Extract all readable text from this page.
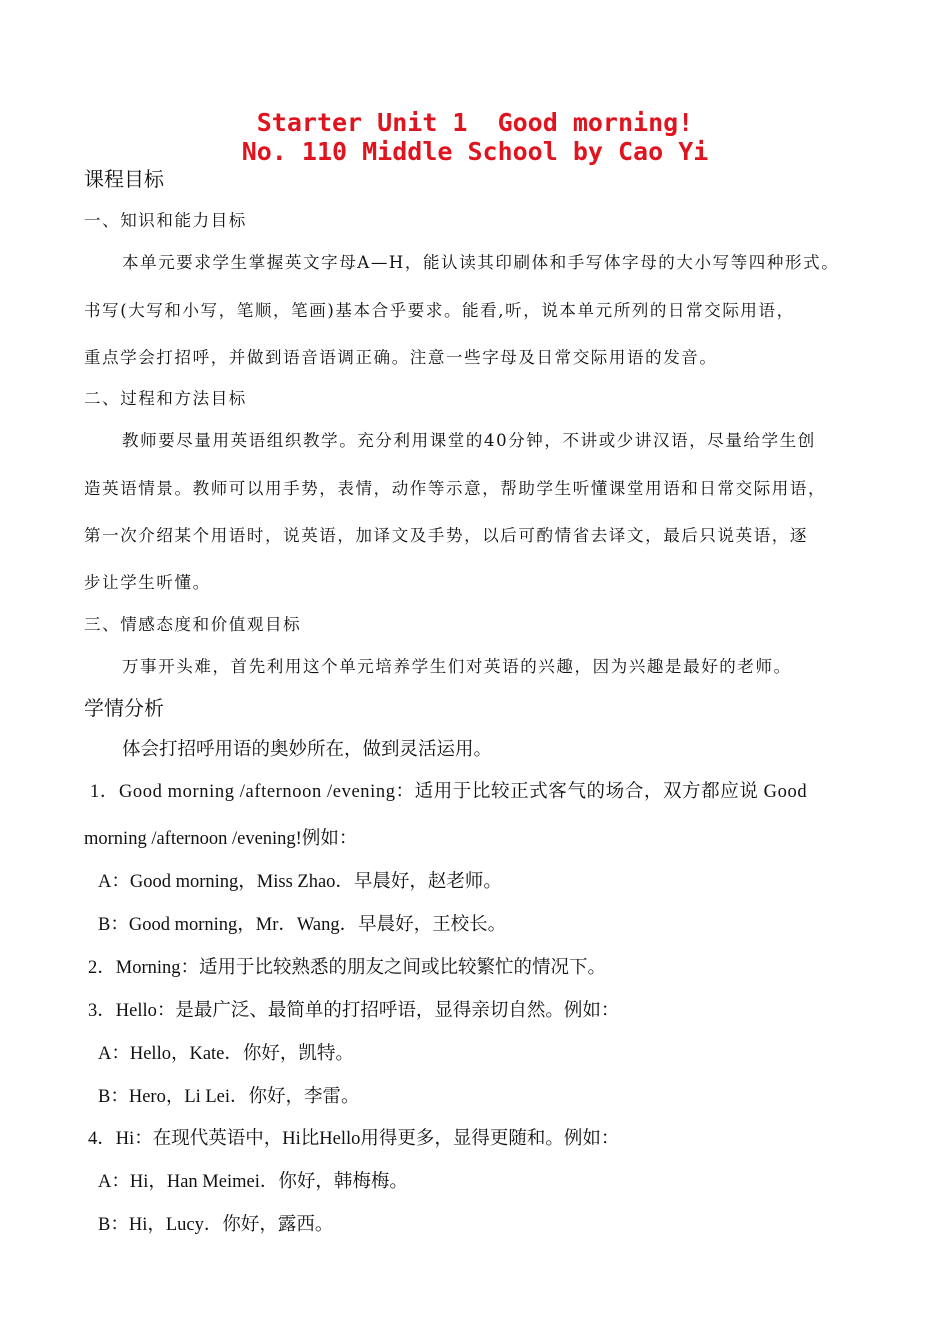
Starter Unit 1  Good morning!
No. 110 Middle School by Cao Yi
课程目标
一、知识和能力目标
本单元要求学生掌握英文字母A—H，能认读其印刷体和手写体字母的大小写等四种形式。
书写(大写和小写，笔顺，笔画)基本合乎要求。能看,听，说本单元所列的日常交际用语，
重点学会打招呼，并做到语音语调正确。注意一些字母及日常交际用语的发音。
二、过程和方法目标
教师要尽量用英语组织教学。充分利用课堂的40分钟，不讲或少讲汉语，尽量给学生创
造英语情景。教师可以用手势，表情，动作等示意，帮助学生听懂课堂用语和日常交际用语，
第一次介绍某个用语时，说英语，加译文及手势，以后可酌情省去译文，最后只说英语，逐
步让学生听懂。
三、情感态度和价值观目标
万事开头难，首先利用这个单元培养学生们对英语的兴趣，因为兴趣是最好的老师。
学情分析
体会打招呼用语的奥妙所在，做到灵活运用。
1．Good morning /afternoon /evening：适用于比较正式客气的场合，双方都应说 Good
morning /afternoon /evening!例如：
A：Good morning，Miss Zhao．早晨好，赵老师。
B：Good morning，Mr．Wang．早晨好，王校长。
2．Morning：适用于比较熟悉的朋友之间或比较繁忙的情况下。
3．Hello：是最广泛、最简单的打招呼语，显得亲切自然。例如：
A：Hello，Kate．你好，凯特。
B：Hero，Li Lei．你好，李雷。
4．Hi：在现代英语中，Hi比Hello用得更多，显得更随和。例如：
A：Hi，Han Meimei．你好，韩梅梅。
B：Hi，Lucy．你好，露西。
